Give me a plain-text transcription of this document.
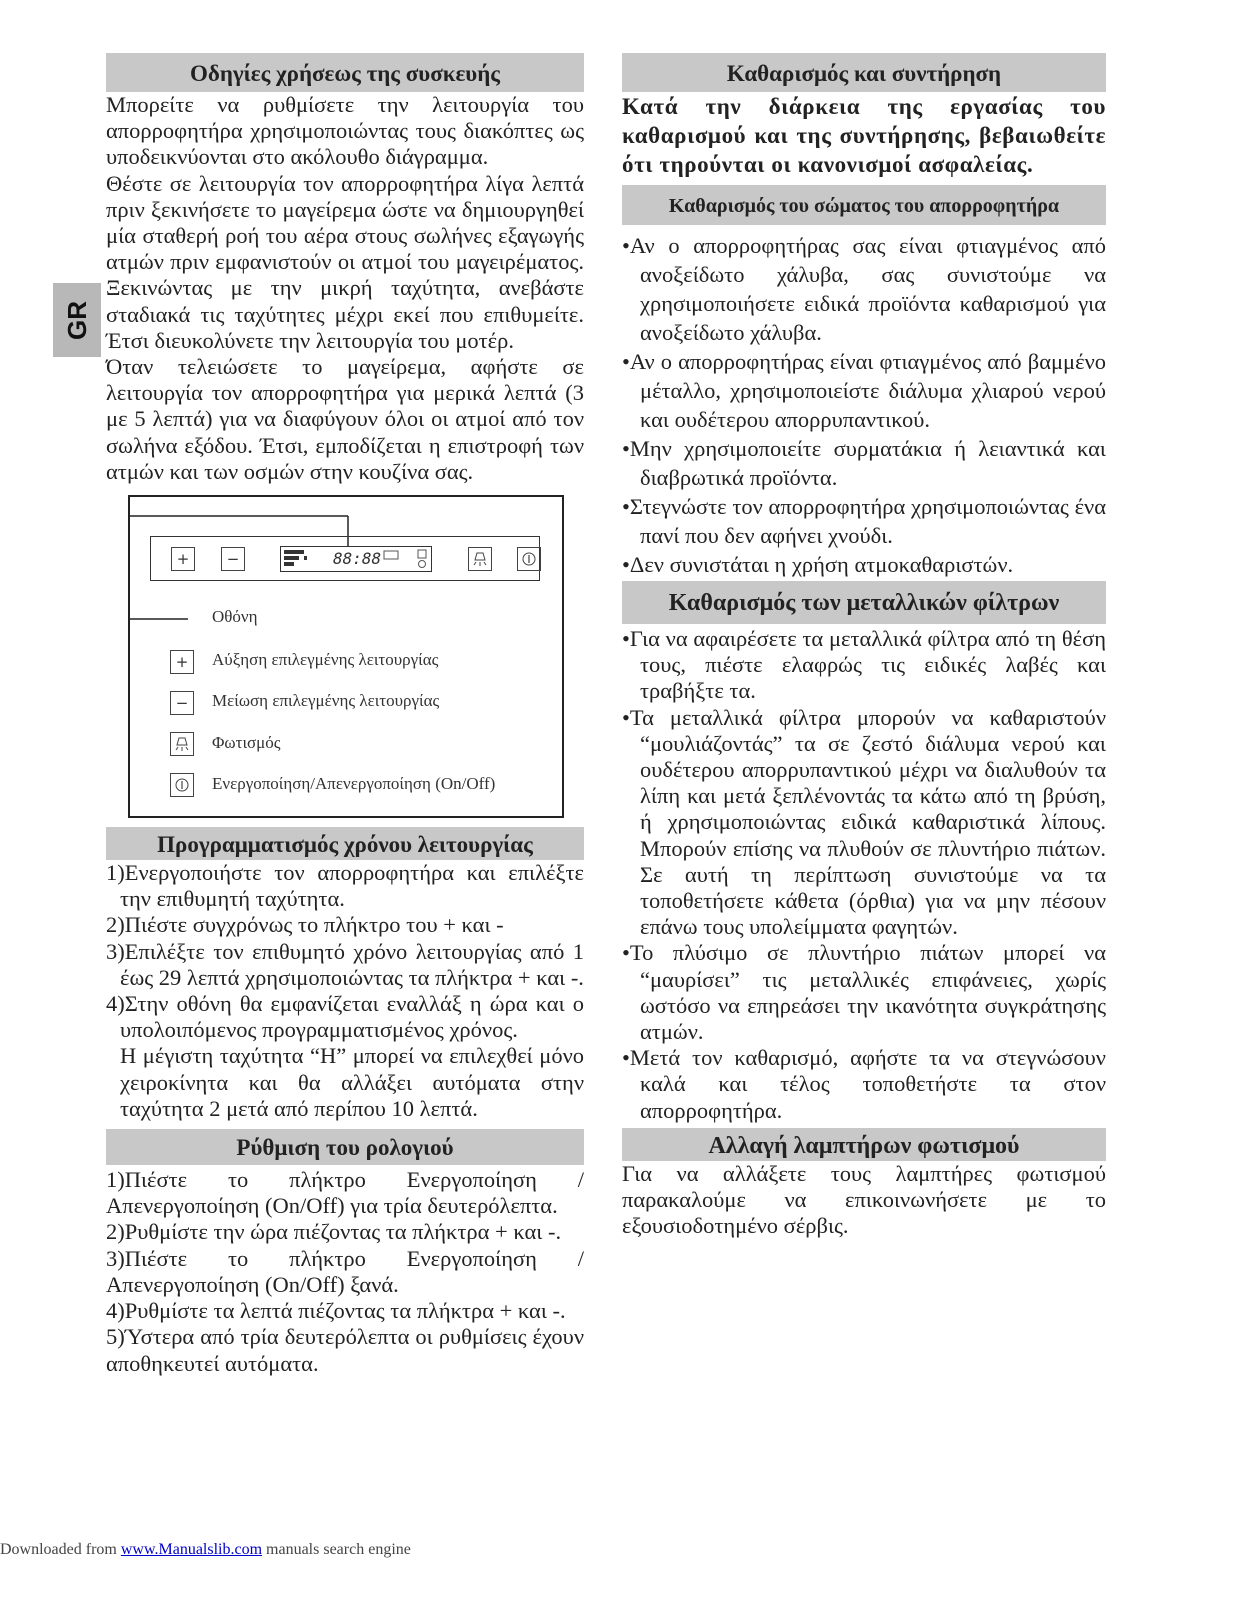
GR
Οδηγίες χρήσεως της συσκευής

Μπορείτε να ρυθμίσετε την λειτουργία του απορροφητήρα χρησιμοποιώντας τους διακόπτες ως υποδεικνύονται στο ακόλουθο διάγραμμα.

Θέστε σε λειτουργία τον απορροφητήρα λίγα λεπτά πριν ξεκινήσετε το μαγείρεμα ώστε να δημιουργηθεί μία σταθερή ροή του αέρα στους σωλήνες εξαγωγής ατμών πριν εμφανιστούν οι ατμοί του μαγειρέματος. Ξεκινώντας με την μικρή ταχύτητα, ανεβάστε σταδιακά τις ταχύτητες μέχρι εκεί που επιθυμείτε. Έτσι διευκολύνετε την λειτουργία του μοτέρ.

Όταν τελειώσετε το μαγείρεμα, αφήστε σε λειτουργία τον απορροφητήρα για μερικά λεπτά (3 με 5 λεπτά) για να διαφύγουν όλοι οι ατμοί από τον σωλήνα εξόδου. Έτσι, εμποδίζεται η επιστροφή των ατμών και των οσμών στην κουζίνα σας.

+	−	88:88
Οθόνη
+	Αύξηση επιλεγμένης λειτουργίας
−	Μείωση επιλεγμένης λειτουργίας
Φωτισμός
Ενεργοποίηση/Απενεργοποίηση (On/Off)
Προγραμματισμός χρόνου λειτουργίας
1)Ενεργοποιήστε τον απορροφητήρα και επιλέξτε την επιθυμητή ταχύτητα.
2)Πιέστε συγχρόνως το πλήκτρο του + και -
3)Επιλέξτε τον επιθυμητό χρόνο λειτουργίας από 1 έως 29 λεπτά χρησιμοποιώντας τα πλήκτρα + και -.
4)Στην οθόνη θα εμφανίζεται εναλλάξ η ώρα και ο υπολοιπόμενος προγραμματισμένος χρόνος.

Η μέγιστη ταχύτητα “H” μπορεί να επιλεχθεί μόνο χειροκίνητα και θα αλλάξει αυτόματα στην ταχύτητα 2 μετά από περίπου 10 λεπτά.

Ρύθμιση του ρολογιού

1)Πιέστε το πλήκτρο Ενεργοποίηση / Απενεργοποίηση (On/Off) για τρία δευτερόλεπτα.

2)Ρυθμίστε την ώρα πιέζοντας τα πλήκτρα + και -.

3)Πιέστε το πλήκτρο Ενεργοποίηση / Απενεργοποίηση (On/Off) ξανά.

4)Ρυθμίστε τα λεπτά πιέζοντας τα πλήκτρα + και -.

5)Ύστερα από τρία δευτερόλεπτα οι ρυθμίσεις έχουν αποθηκευτεί αυτόματα.

Καθαρισμός και συντήρηση

Κατά την διάρκεια της εργασίας του καθαρισμού και της συντήρησης, βεβαιωθείτε ότι τηρούνται οι κανονισμοί ασφαλείας.

Καθαρισμός του σώματος του απορροφητήρα
•Αν ο απορροφητήρας σας είναι φτιαγμένος από ανοξείδωτο χάλυβα, σας συνιστούμε να χρησιμοποιήσετε ειδικά προϊόντα καθαρισμού για ανοξείδωτο χάλυβα.
•Αν ο απορροφητήρας είναι φτιαγμένος από βαμμένο μέταλλο, χρησιμοποιείστε διάλυμα χλιαρού νερού και ουδέτερου απορρυπαντικού.
•Μην χρησιμοποιείτε συρματάκια ή λειαντικά και διαβρωτικά προϊόντα.
•Στεγνώστε τον απορροφητήρα χρησιμοποιώντας ένα πανί που δεν αφήνει χνούδι.
•Δεν συνιστάται η χρήση ατμοκαθαριστών.
Καθαρισμός των μεταλλικών φίλτρων
•Για να αφαιρέσετε τα μεταλλικά φίλτρα από τη θέση τους, πιέστε ελαφρώς τις ειδικές λαβές και τραβήξτε τα.
•Τα μεταλλικά φίλτρα μπορούν να καθαριστούν “μουλιάζοντάς” τα σε ζεστό διάλυμα νερού και ουδέτερου απορρυπαντικού μέχρι να διαλυθούν τα λίπη και μετά ξεπλένοντάς τα κάτω από τη βρύση, ή χρησιμοποιώντας ειδικά καθαριστικά λίπους. Μπορούν επίσης να πλυθούν σε πλυντήριο πιάτων. Σε αυτή τη περίπτωση συνιστούμε να τα τοποθετήσετε κάθετα (όρθια) για να μην πέσουν επάνω τους υπολείμματα φαγητών.
•Το πλύσιμο σε πλυντήριο πιάτων μπορεί να “μαυρίσει” τις μεταλλικές επιφάνειες, χωρίς ωστόσο να επηρεάσει την ικανότητα συγκράτησης ατμών.
•Μετά τον καθαρισμό, αφήστε τα να στεγνώσουν καλά και τέλος τοποθετήστε τα στον απορροφητήρα.
Αλλαγή λαμπτήρων φωτισμού

Για να αλλάξετε τους λαμπτήρες φωτισμού παρακαλούμε να επικοινωνήσετε με το εξουσιοδοτημένο σέρβις.

Downloaded from www.Manualslib.com manuals search engine
